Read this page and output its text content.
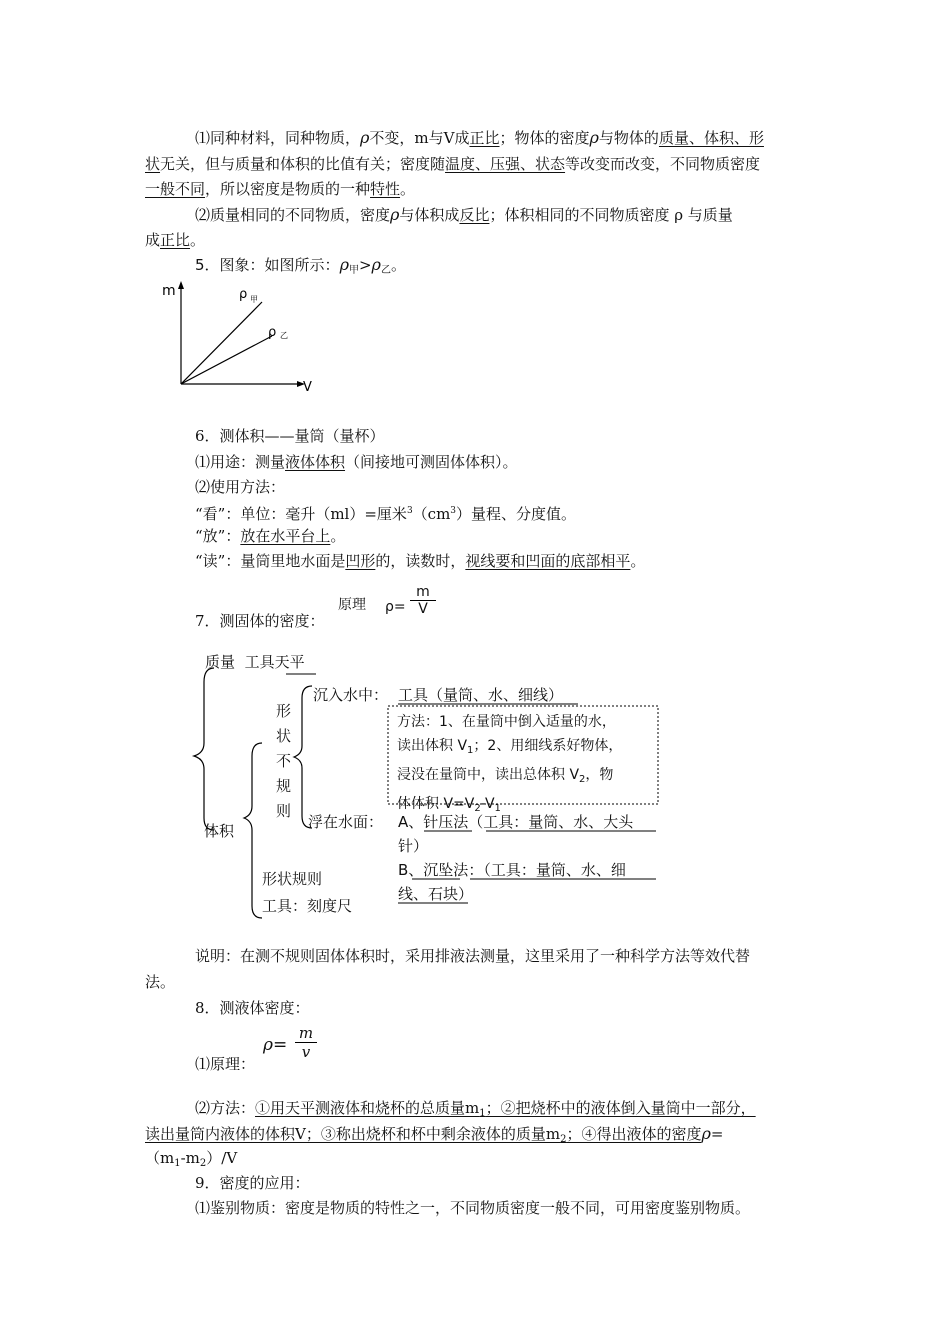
⑴同种材料，同种物质，ρ不变，m与V成正比；物体的密度ρ与物体的质量、体积、形
状无关，但与质量和体积的比值有关；密度随温度、压强、状态等改变而改变，不同物质密度
一般不同，所以密度是物质的一种特性。
⑵质量相同的不同物质，密度ρ与体积成反比；体积相同的不同物质密度 ρ 与质量
成正比。
5．图象：如图所示：$\rho_甲>\rho_乙$。
m
V
ρ 甲
ρ 乙
6．测体积——量筒（量杯）
⑴用途：测量液体体积（间接地可测固体体积）。
⑵使用方法：
“看”：单位：毫升（ml）=厘米$^3(cm^3)$量程、分度值。
“放”：放在水平台上。
“读”：量筒里地水面是凹形的，读数时，视线要和凹面的底部相平。
7．测固体的密度：
原理 $\rho= \frac{m}{V}$
质量 工具天平
形
状
不
规
则
沉入水中： 工具（量筒、水、细线）
方法：1、在量筒中倒入适量的水，
读出体积 $V_1$；2、用细线系好物体，
浸没在量筒中，读出总体积 $V_2$，物
体体积 $V=V_2-V_1$
体积	浮在水面： A、针压法（工具：量筒、水、大头
针）
B、沉坠法：（工具：量筒、水、细
线、石块）
形状规则
工具：刻度尺
说明：在测不规则固体体积时，采用排液法测量，这里采用了一种科学方法等效代替
法。
8．测液体密度：
$\rho= \frac{m}{v}$
⑴原理：
⑵方法：①用天平测液体和烧杯的总质量$m_1$；②把烧杯中的液体倒入量筒中一部分，
读出量筒内液体的体积V；③称出烧杯和杯中剩余液体的质量$m_2$；④得出液体的密度ρ=
$(m_1-m_2)/V$
9．密度的应用：
⑴鉴别物质：密度是物质的特性之一，不同物质密度一般不同，可用密度鉴别物质。
